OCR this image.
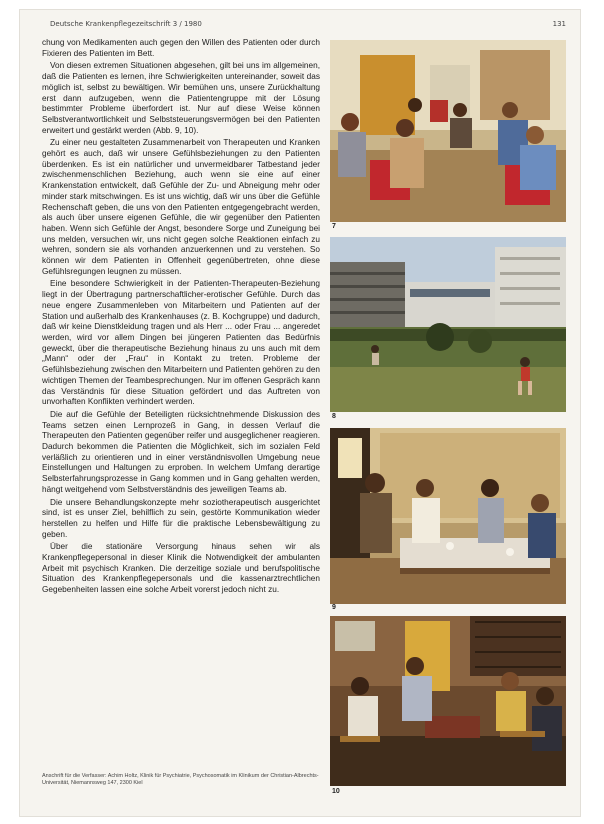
Deutsche Krankenpflegezeitschrift 3 / 1980	131

chung von Medikamenten auch gegen den Willen des Patienten oder durch Fixieren des Patienten im Bett.

Von diesen extremen Situationen abgesehen, gilt bei uns im allgemeinen, daß die Patienten es lernen, ihre Schwierigkeiten untereinander, soweit das möglich ist, selbst zu bewältigen. Wir bemühen uns, unsere Zurückhaltung erst dann aufzugeben, wenn die Patientengruppe mit der Lösung bestimmter Probleme überfordert ist. Nur auf diese Weise können Selbstverantwortlichkeit und Selbststeuerungsvermögen bei den Patienten erweitert und gestärkt werden (Abb. 9, 10).

Zu einer neu gestalteten Zusammenarbeit von Therapeuten und Kranken gehört es auch, daß wir unsere Gefühlsbeziehungen zu den Patienten überdenken. Es ist ein natürlicher und unvermeidbarer Tatbestand jeder zwischenmenschlichen Beziehung, auch wenn sie eine auf einer Krankenstation entwickelt, daß Gefühle der Zu- und Abneigung mehr oder minder stark mitschwingen. Es ist uns wichtig, daß wir uns über die Gefühle Rechenschaft geben, die uns von den Patienten entgegengebracht werden, als auch über unsere eigenen Gefühle, die wir gegenüber den Patienten haben. Wenn sich Gefühle der Angst, besondere Sorge und Zuneigung bei uns melden, versuchen wir, uns nicht gegen solche Reaktionen einfach zu wehren, sondern sie als vorhanden anzuerkennen und zu verstehen. So können wir dem Patienten in Offenheit gegenübertreten, ohne diese Gefühlsregungen leugnen zu müssen.

Eine besondere Schwierigkeit in der Patienten-Therapeuten-Beziehung liegt in der Übertragung partnerschaftlicher-erotischer Gefühle. Durch das neue engere Zusammenleben von Mitarbeitern und Patienten auf der Station und außerhalb des Krankenhauses (z. B. Kochgruppe) und dadurch, daß wir keine Dienstkleidung tragen und als Herr ... oder Frau ... angeredet werden, wird vor allem Dingen bei jüngeren Patienten das Bedürfnis geweckt, über die therapeutische Beziehung hinaus zu uns auch mit dem „Mann“ oder der „Frau“ in Kontakt zu treten. Probleme der Gefühlsbeziehung zwischen den Mitarbeitern und Patienten gehören zu den wichtigen Themen der Teambesprechungen. Nur im offenen Gespräch kann das Verständnis für diese Situation gefördert und das Auftreten von unvorhaften Konflikten verhindert werden.

Die auf die Gefühle der Beteiligten rücksichtnehmende Diskussion des Teams setzen einen Lernprozeß in Gang, in dessen Verlauf die Therapeuten den Patienten gegenüber reifer und ausgeglichener reagieren. Dadurch bekommen die Patienten die Möglichkeit, sich im sozialen Feld verläßlich zu orientieren und in einer verständnisvollen Umgebung neue Einstellungen und Haltungen zu erproben. In welchem Umfang derartige Selbsterfahrungsprozesse in Gang kommen und in Gang gehalten werden, hängt weitgehend vom Selbstverständnis des jeweiligen Teams ab.

Die unsere Behandlungskonzepte mehr soziotherapeutisch ausgerichtet sind, ist es unser Ziel, behilflich zu sein, gestörte Kommunikation wieder herstellen zu helfen und Hilfe für die praktische Lebensbewältigung zu geben.

Über die stationäre Versorgung hinaus sehen wir als Krankenpflegepersonal in dieser Klinik die Notwendigkeit der ambulanten Arbeit mit psychisch Kranken. Die derzeitige soziale und berufspolitische Situation des Krankenpflegepersonals und die kassenarztrechtlichen Gegebenheiten lassen eine solche Arbeit vorerst jedoch nicht zu.

Anschrift für die Verfasser: Achim Holtz, Klinik für Psychiatrie, Psychosomatik im Klinikum der Christian-Albrechts-Universität, Niemannsweg 147, 2300 Kiel
7
8
9
10
